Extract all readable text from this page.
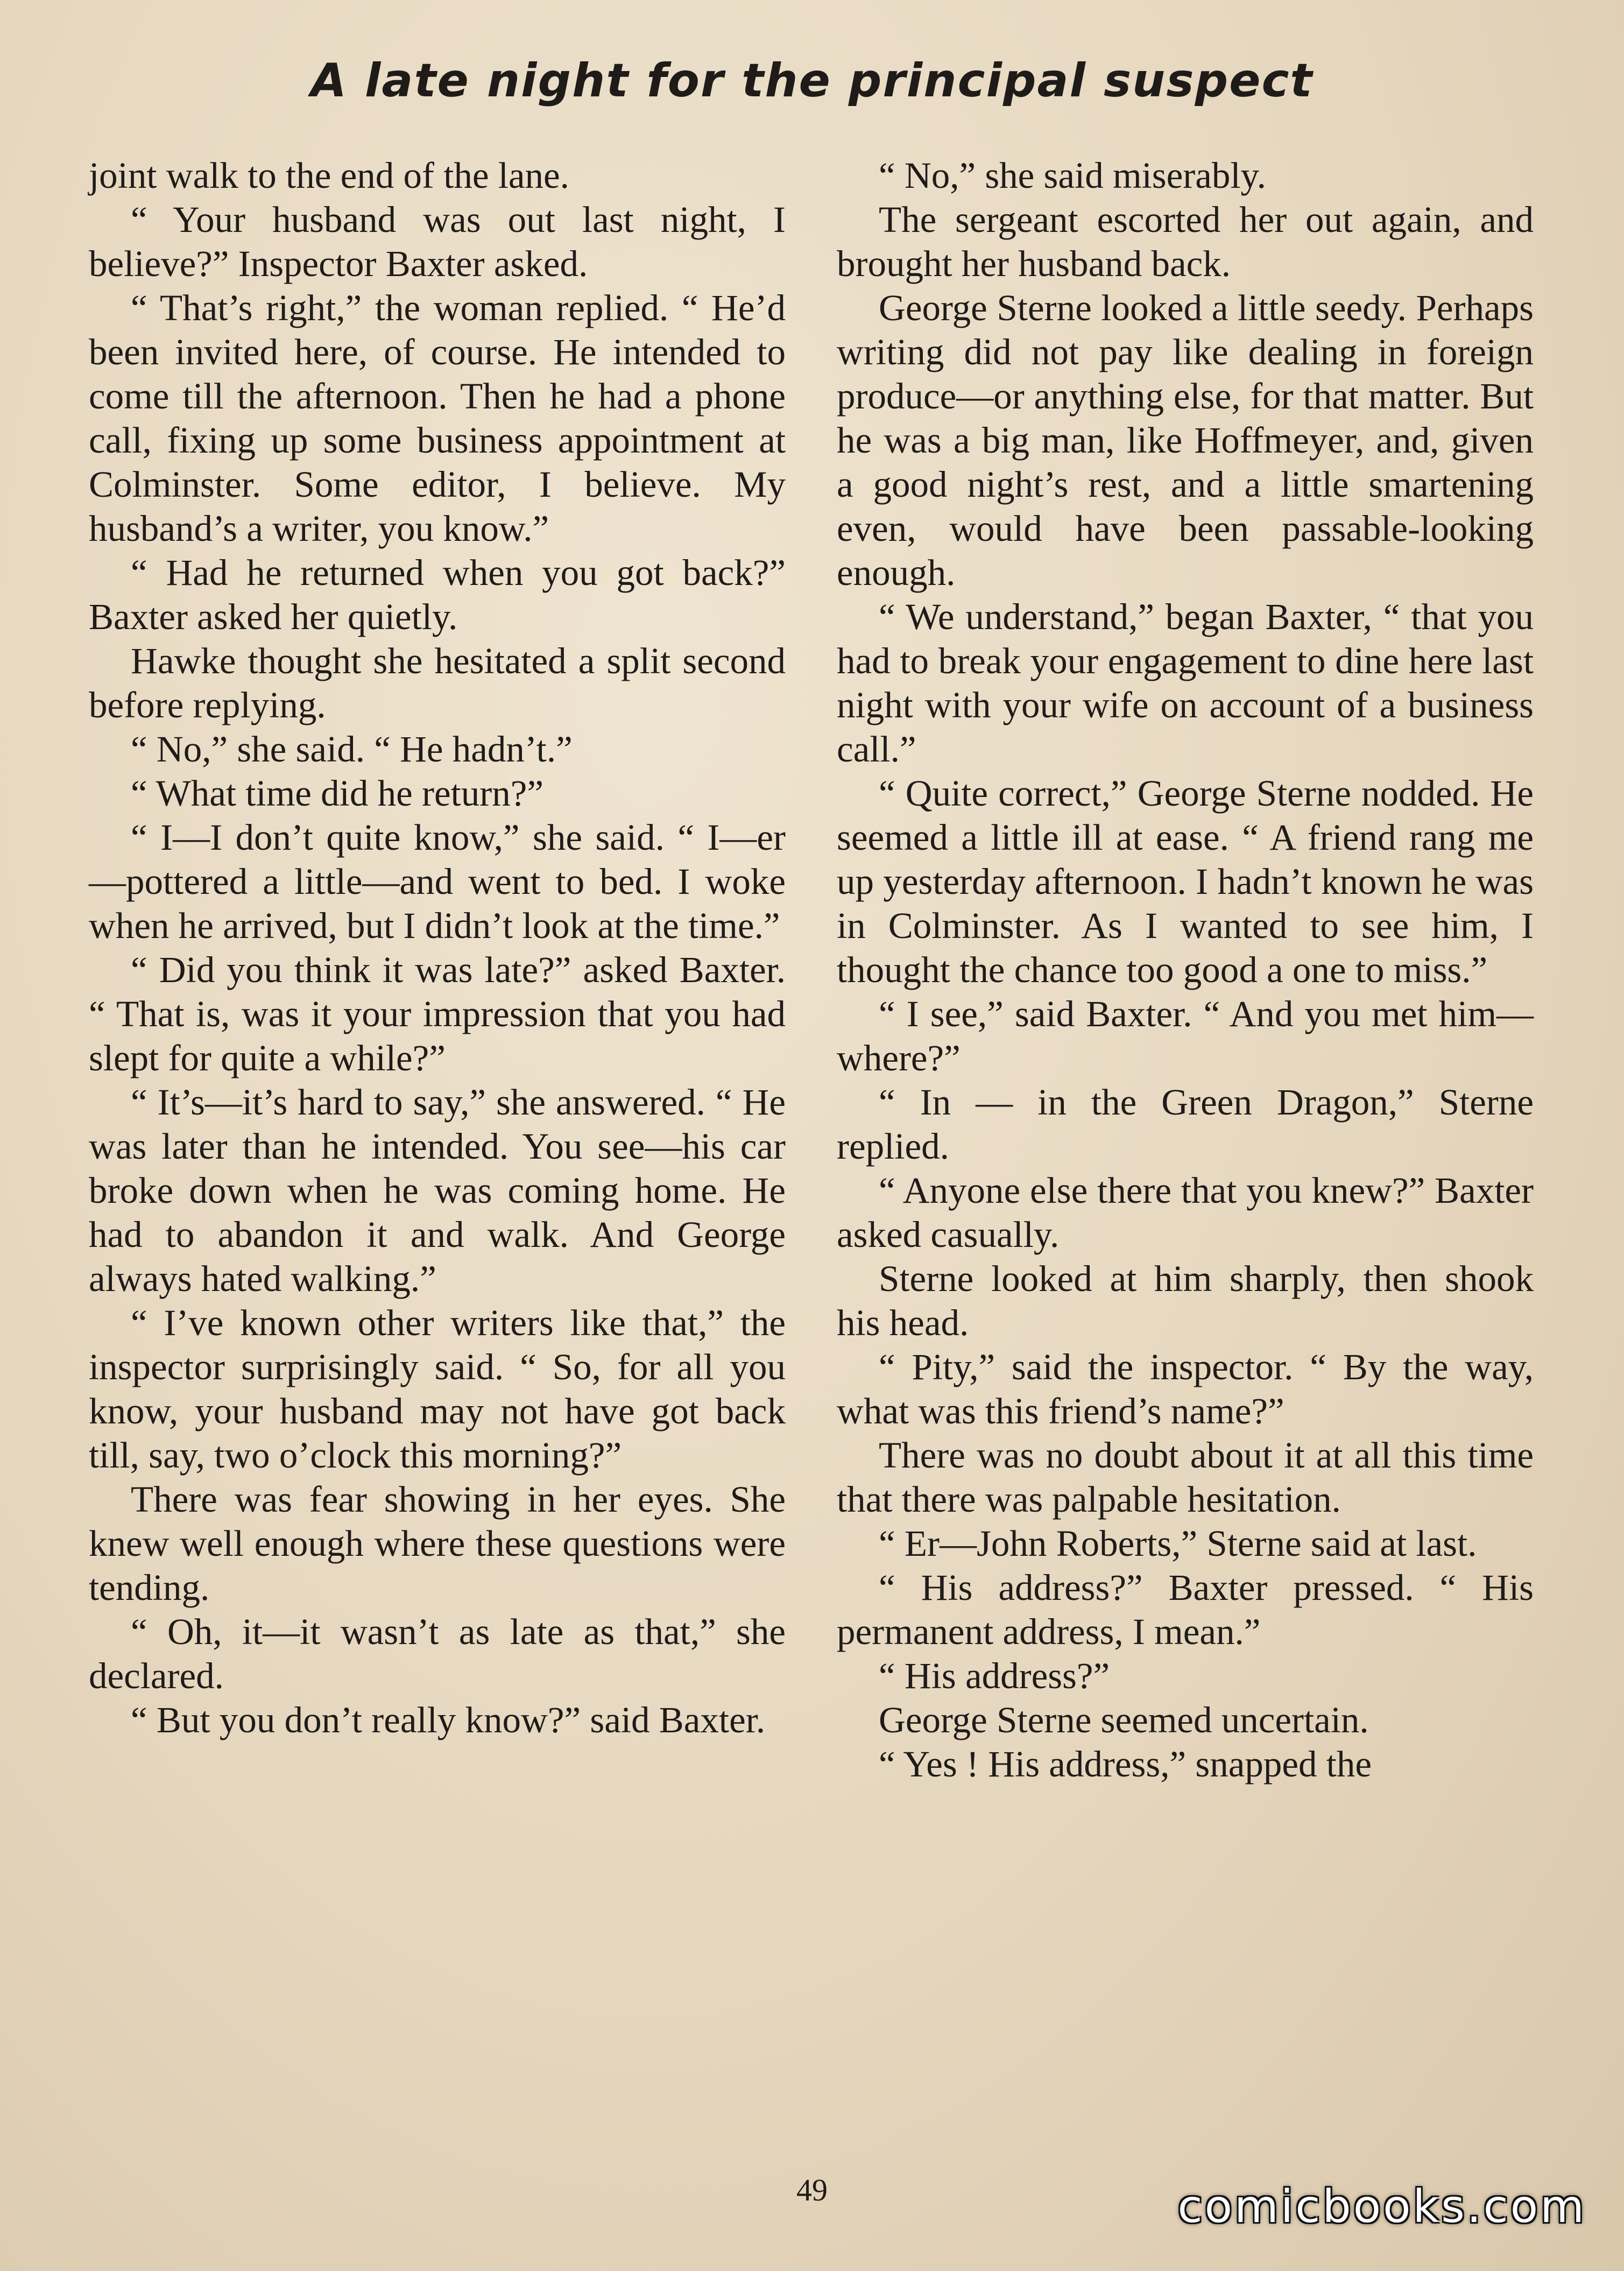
A late night for the principal suspect

joint walk to the end of the lane.

“ Your husband was out last night, I believe?” Inspector Baxter asked.

“ That’s right,” the woman replied. “ He’d been invited here, of course. He intended to come till the afternoon. Then he had a phone call, fixing up some business appointment at Colminster. Some editor, I believe. My husband’s a writer, you know.”

“ Had he returned when you got back?” Baxter asked her quietly.

Hawke thought she hesitated a split second before replying.

“ No,” she said. “ He hadn’t.”

“ What time did he return?”

“ I—I don’t quite know,” she said. “ I—er—pottered a little—and went to bed. I woke when he arrived, but I didn’t look at the time.”

“ Did you think it was late?” asked Baxter. “ That is, was it your impression that you had slept for quite a while?”

“ It’s—it’s hard to say,” she answered. “ He was later than he intended. You see—his car broke down when he was coming home. He had to abandon it and walk. And George always hated walking.”

“ I’ve known other writers like that,” the inspector surprisingly said. “ So, for all you know, your husband may not have got back till, say, two o’clock this morning?”

There was fear showing in her eyes. She knew well enough where these questions were tending.

“ Oh, it—it wasn’t as late as that,” she declared.

“ But you don’t really know?” said Baxter.

“ No,” she said miserably.

The sergeant escorted her out again, and brought her husband back.

George Sterne looked a little seedy. Perhaps writing did not pay like dealing in foreign produce—or anything else, for that matter. But he was a big man, like Hoffmeyer, and, given a good night’s rest, and a little smartening even, would have been passable-looking enough.

“ We understand,” began Baxter, “ that you had to break your engagement to dine here last night with your wife on account of a business call.”

“ Quite correct,” George Sterne nodded. He seemed a little ill at ease. “ A friend rang me up yesterday afternoon. I hadn’t known he was in Colminster. As I wanted to see him, I thought the chance too good a one to miss.”

“ I see,” said Baxter. “ And you met him—where?”

“ In — in the Green Dragon,” Sterne replied.

“ Anyone else there that you knew?” Baxter asked casually.

Sterne looked at him sharply, then shook his head.

“ Pity,” said the inspector. “ By the way, what was this friend’s name?”

There was no doubt about it at all this time that there was palpable hesitation.

“ Er—John Roberts,” Sterne said at last.

“ His address?” Baxter pressed. “ His permanent address, I mean.”

“ His address?”

George Sterne seemed uncertain.

“ Yes ! His address,” snapped the

49	comicbooks.com
